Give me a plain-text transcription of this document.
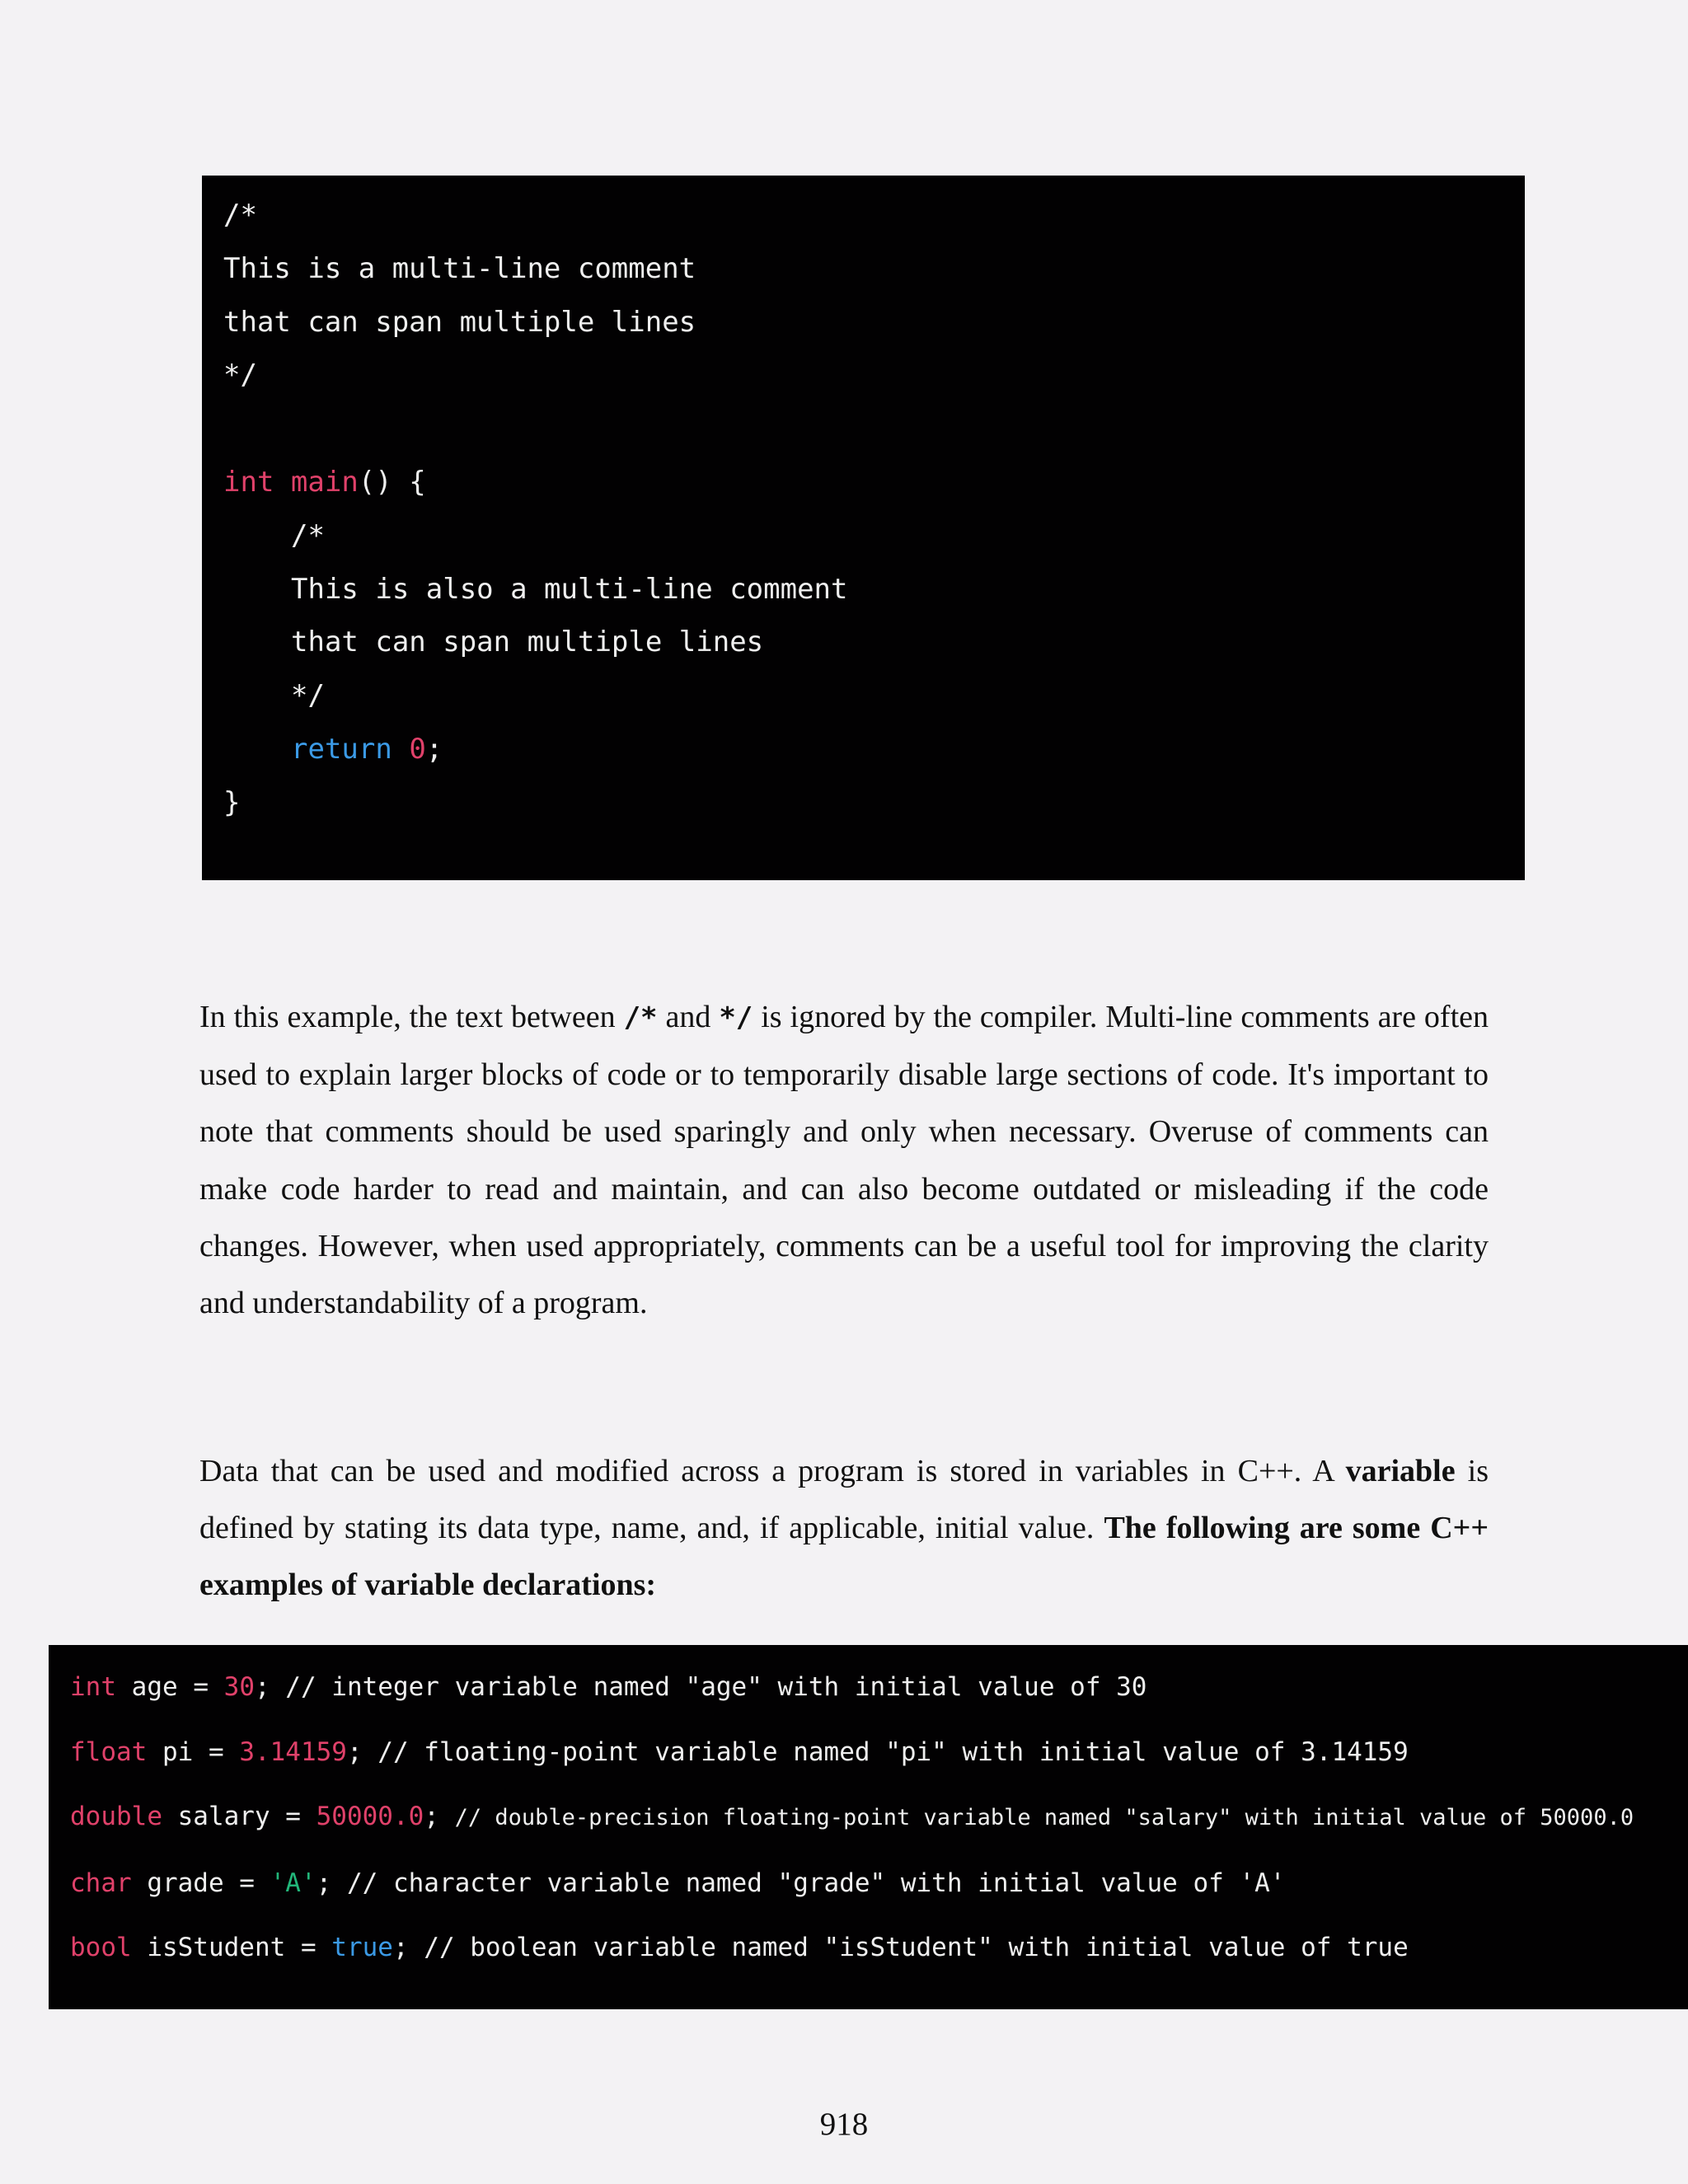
/*
This is a multi-line comment
that can span multiple lines
*/

int main() {
/*
This is also a multi-line comment
that can span multiple lines
*/
return 0;
}

In this example, the text between /* and */ is ignored by the compiler. Multi-line comments are often used to explain larger blocks of code or to temporarily disable large sections of code. It's important to note that comments should be used sparingly and only when necessary. Overuse of comments can make code harder to read and maintain, and can also become outdated or misleading if the code changes. However, when used appropriately, comments can be a useful tool for improving the clarity and understandability of a program.

Data that can be used and modified across a program is stored in variables in C++. A variable is defined by stating its data type, name, and, if applicable, initial value. The following are some C++ examples of variable declarations:

int age = 30; // integer variable named "age" with initial value of 30
float pi = 3.14159; // floating-point variable named "pi" with initial value of 3.14159
double salary = 50000.0; // double-precision floating-point variable named "salary" with initial value of 50000.0
char grade = 'A'; // character variable named "grade" with initial value of 'A'
bool isStudent = true; // boolean variable named "isStudent" with initial value of true
918
